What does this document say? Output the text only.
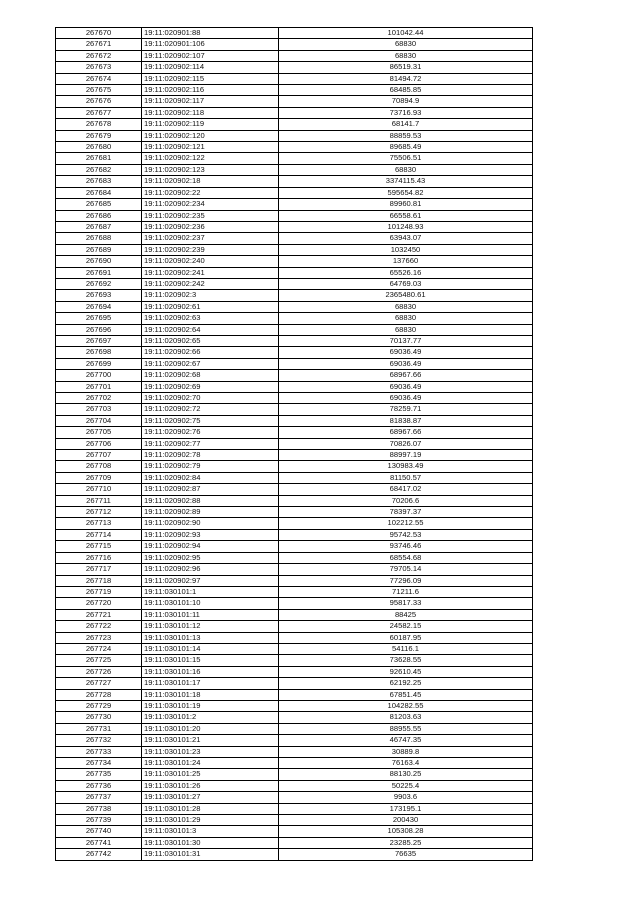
267670	19:11:020901:88	101042.44
267671	19:11:020901:106	68830
267672	19:11:020902:107	68830
267673	19:11:020902:114	86519.31
267674	19:11:020902:115	81494.72
267675	19:11:020902:116	68485.85
267676	19:11:020902:117	70894.9
267677	19:11:020902:118	73716.93
267678	19:11:020902:119	68141.7
267679	19:11:020902:120	88859.53
267680	19:11:020902:121	89685.49
267681	19:11:020902:122	75506.51
267682	19:11:020902:123	68830
267683	19:11:020902:18	3374115.43
267684	19:11:020902:22	595654.82
267685	19:11:020902:234	89960.81
267686	19:11:020902:235	66558.61
267687	19:11:020902:236	101248.93
267688	19:11:020902:237	63943.07
267689	19:11:020902:239	1032450
267690	19:11:020902:240	137660
267691	19:11:020902:241	65526.16
267692	19:11:020902:242	64769.03
267693	19:11:020902:3	2365480.61
267694	19:11:020902:61	68830
267695	19:11:020902:63	68830
267696	19:11:020902:64	68830
267697	19:11:020902:65	70137.77
267698	19:11:020902:66	69036.49
267699	19:11:020902:67	69036.49
267700	19:11:020902:68	68967.66
267701	19:11:020902:69	69036.49
267702	19:11:020902:70	69036.49
267703	19:11:020902:72	78259.71
267704	19:11:020902:75	81838.87
267705	19:11:020902:76	68967.66
267706	19:11:020902:77	70826.07
267707	19:11:020902:78	88997.19
267708	19:11:020902:79	130983.49
267709	19:11:020902:84	81150.57
267710	19:11:020902:87	68417.02
267711	19:11:020902:88	70206.6
267712	19:11:020902:89	78397.37
267713	19:11:020902:90	102212.55
267714	19:11:020902:93	95742.53
267715	19:11:020902:94	93746.46
267716	19:11:020902:95	68554.68
267717	19:11:020902:96	79705.14
267718	19:11:020902:97	77296.09
267719	19:11:030101:1	71211.6
267720	19:11:030101:10	95817.33
267721	19:11:030101:11	88425
267722	19:11:030101:12	24582.15
267723	19:11:030101:13	60187.95
267724	19:11:030101:14	54116.1
267725	19:11:030101:15	73628.55
267726	19:11:030101:16	92610.45
267727	19:11:030101:17	62192.25
267728	19:11:030101:18	67851.45
267729	19:11:030101:19	104282.55
267730	19:11:030101:2	81203.63
267731	19:11:030101:20	88955.55
267732	19:11:030101:21	46747.35
267733	19:11:030101:23	30889.8
267734	19:11:030101:24	76163.4
267735	19:11:030101:25	88130.25
267736	19:11:030101:26	50225.4
267737	19:11:030101:27	9903.6
267738	19:11:030101:28	173195.1
267739	19:11:030101:29	200430
267740	19:11:030101:3	105308.28
267741	19:11:030101:30	23285.25
267742	19:11:030101:31	76635
